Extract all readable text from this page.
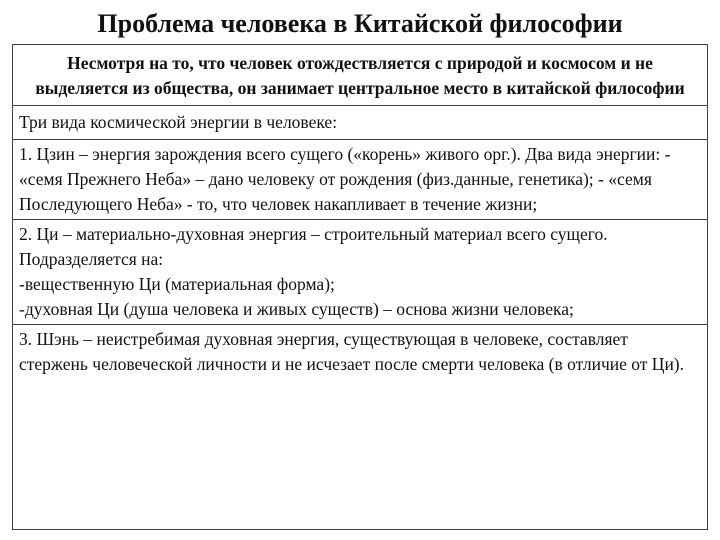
Проблема человека в Китайской философии
Несмотря на то, что человек отождествляется с природой и космосом и не выделяется из общества, он занимает центральное место в китайской философии
Три вида космической энергии в человеке:

1. Цзин – энергия зарождения всего сущего («корень» живого орг.). Два вида энергии: - «семя Прежнего Неба» – дано человеку от рождения (физ.данные, генетика); - «семя Последующего Неба» - то, что человек накапливает в течение жизни;

2. Ци – материально-духовная энергия – строительный материал всего сущего. Подразделяется на:

-вещественную Ци (материальная форма);

-духовная Ци (душа человека и живых существ) – основа жизни человека;

3. Шэнь – неистребимая духовная энергия, существующая в человеке, составляет стержень человеческой личности и не исчезает после смерти человека (в отличие от Ци).
